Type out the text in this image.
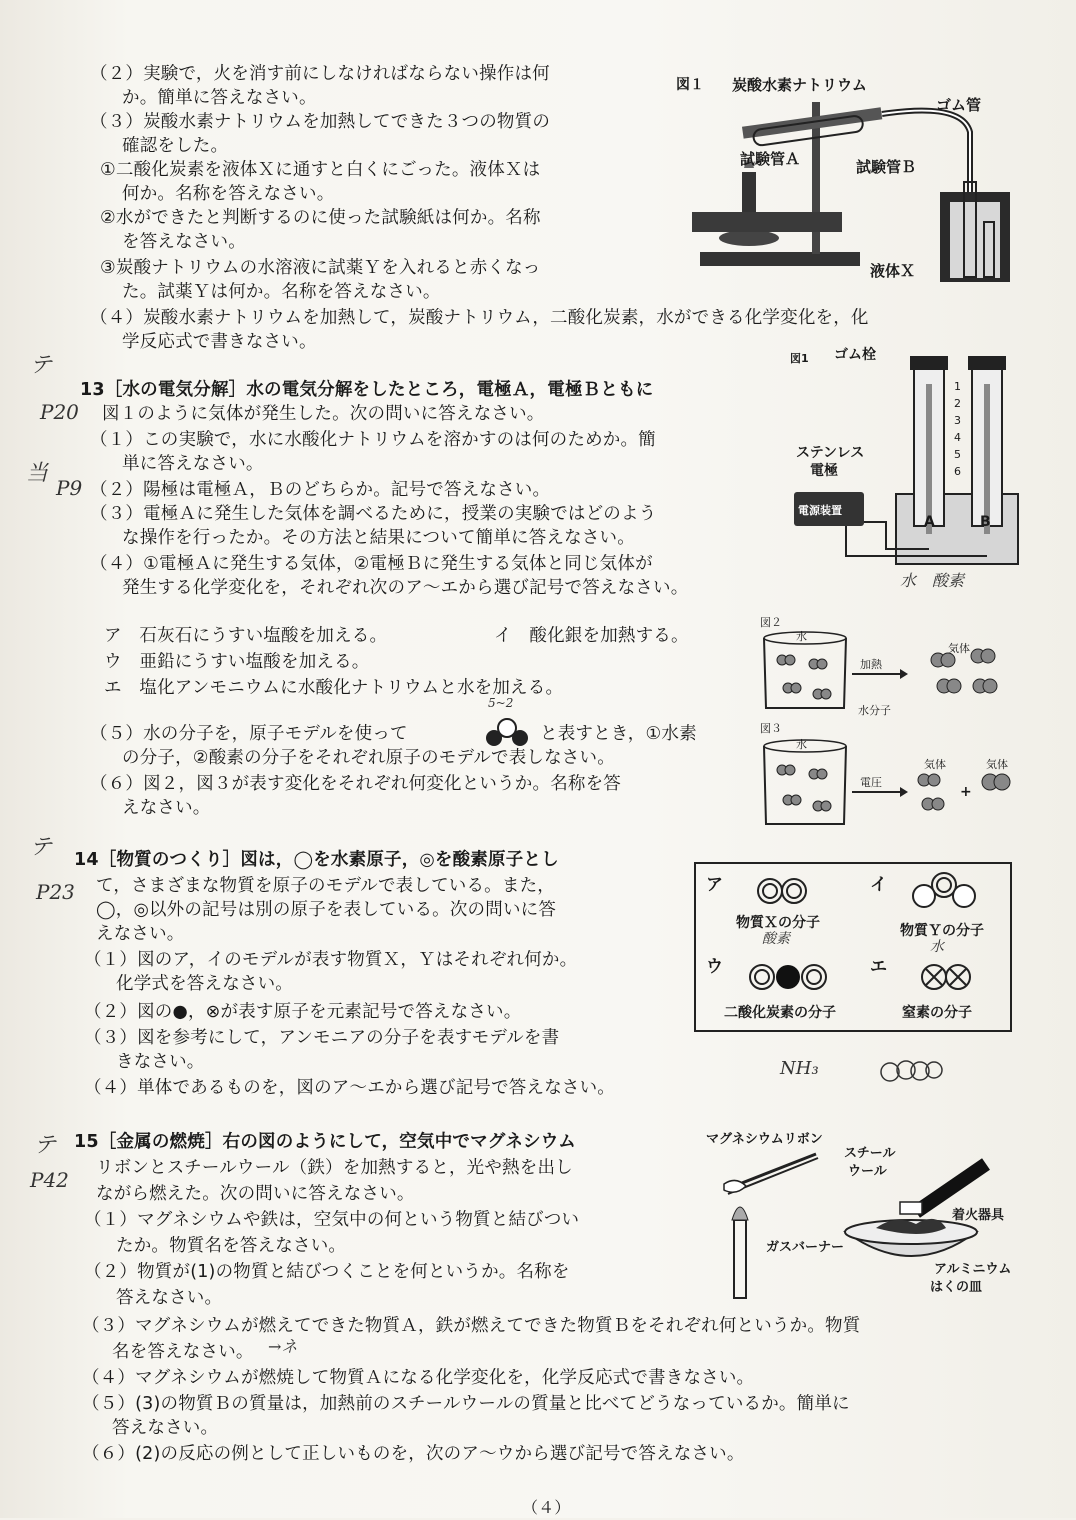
（２）実験で，火を消す前にしなければならない操作は何
か。簡単に答えなさい。
（３）炭酸水素ナトリウムを加熱してできた３つの物質の
確認をした。
①二酸化炭素を液体Ｘに通すと白くにごった。液体Ｘは
何か。名称を答えなさい。
②水ができたと判断するのに使った試験紙は何か。名称
を答えなさい。
③炭酸ナトリウムの水溶液に試薬Ｙを入れると赤くなっ
た。試薬Ｙは何か。名称を答えなさい。
（４）炭酸水素ナトリウムを加熱して，炭酸ナトリウム，二酸化炭素，水ができる化学変化を，化
学反応式で書きなさい。
図１ 炭酸水素ナトリウム
ゴム管
試験管Ａ	試験管Ｂ
液体Ｘ
テ
P20
当
P9
13［水の電気分解］水の電気分解をしたところ，電極Ａ，電極Ｂともに
図１のように気体が発生した。次の問いに答えなさい。
（１）この実験で，水に水酸化ナトリウムを溶かすのは何のためか。簡
単に答えなさい。
（２）陽極は電極Ａ，Ｂのどちらか。記号で答えなさい。
（３）電極Ａに発生した気体を調べるために，授業の実験ではどのよう
な操作を行ったか。その方法と結果について簡単に答えなさい。
（４）①電極Ａに発生する気体，②電極Ｂに発生する気体と同じ気体が
発生する化学変化を，それぞれ次のア～エから選び記号で答えなさい。
ア　石灰石にうすい塩酸を加える。	イ　酸化銀を加熱する。
ウ　亜鉛にうすい塩酸を加える。
エ　塩化アンモニウムに水酸化ナトリウムと水を加える。
（５）水の分子を，原子モデルを使って
5~2
と表すとき，①水素
の分子，②酸素の分子をそれぞれ原子のモデルで表しなさい。
（６）図２，図３が表す変化をそれぞれ何変化というか。名称を答
えなさい。
図1 ゴム栓
ステンレス
電極
電源装置
123456
A	B
水　酸素
図２
水
加熱
気体
水分子
図３
水
電圧
気体	気体
+
テ
P23
14［物質のつくり］図は，◯を水素原子，◎を酸素原子とし
て，さまざまな物質を原子のモデルで表している。また，
◯，◎以外の記号は別の原子を表している。次の問いに答
えなさい。
（１）図のア，イのモデルが表す物質Ｘ，Ｙはそれぞれ何か。
化学式を答えなさい。
（２）図の●，⊗が表す原子を元素記号で答えなさい。
（３）図を参考にして，アンモニアの分子を表すモデルを書
きなさい。
（４）単体であるものを，図のア～エから選び記号で答えなさい。
ア	イ
ウ	エ
物質Ｘの分子	物質Ｙの分子
酸素	水
二酸化炭素の分子	窒素の分子
NH₃
テ
P42
15［金属の燃焼］右の図のようにして，空気中でマグネシウム
リボンとスチールウール（鉄）を加熱すると，光や熱を出し
ながら燃えた。次の問いに答えなさい。
（１）マグネシウムや鉄は，空気中の何という物質と結びつい
たか。物質名を答えなさい。
（２）物質が(1)の物質と結びつくことを何というか。名称を
答えなさい。
（３）マグネシウムが燃えてできた物質Ａ，鉄が燃えてできた物質Ｂをそれぞれ何というか。物質
名を答えなさい。 →ネ
（４）マグネシウムが燃焼して物質Ａになる化学変化を，化学反応式で書きなさい。
（５）(3)の物質Ｂの質量は，加熱前のスチールウールの質量と比べてどうなっているか。簡単に
答えなさい。
（６）(2)の反応の例として正しいものを，次のア～ウから選び記号で答えなさい。
マグネシウムリボン
スチール
ウール
着火器具
ガスバーナー
アルミニウム
はくの皿
（４）
